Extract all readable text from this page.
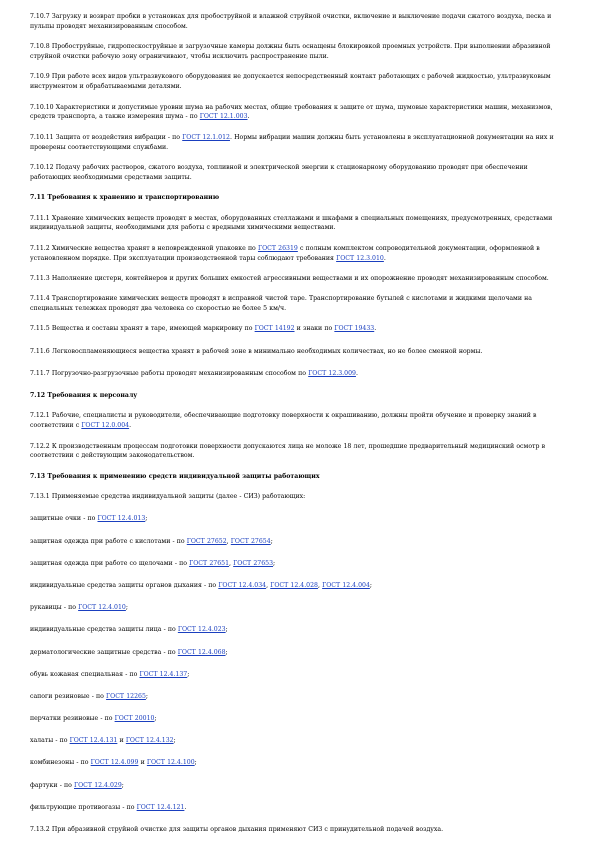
7.10.7 Загрузку и возврат пробки в установках для пробоструйной и влажной струйной очистки, включение и выключение подачи сжатого воздуха, песка и пульпы проводят механизированным способом.

7.10.8 Пробоструйные, гидропескоструйные и загрузочные камеры должны быть оснащены блокировкой проемных устройств. При выполнении абразивной струйной очистки рабочую зону ограничивают, чтобы исключить распространение пыли.

7.10.9 При работе всех видов ультразвукового оборудования не допускается непосредственный контакт работающих с рабочей жидкостью, ультразвуковым инструментом и обрабатываемыми деталями.

7.10.10 Характеристики и допустимые уровни шума на рабочих местах, общие требования к защите от шума, шумовые характеристики машин, механизмов, средств транспорта, а также измерения шума - по ГОСТ 12.1.003.

7.10.11 Защита от воздействия вибрации - по ГОСТ 12.1.012. Нормы вибрации машин должны быть установлены в эксплуатационной документации на них и проверены соответствующими службами.

7.10.12 Подачу рабочих растворов, сжатого воздуха, топливной и электрической энергии к стационарному оборудованию проводят при обеспечении работающих необходимыми средствами защиты.

7.11 Требования к хранению и транспортированию

7.11.1 Хранение химических веществ проводят в местах, оборудованных стеллажами и шкафами в специальных помещениях, предусмотренных, средствами индивидуальной защиты, необходимыми для работы с вредными химическими веществами.

7.11.2 Химические вещества хранят в неповрежденной упаковке по ГОСТ 26319 с полным комплектом сопроводительной документации, оформленной в установленном порядке. При эксплуатации производственной тары соблюдают требования ГОСТ 12.3.010.

7.11.3 Наполнение цистерн, контейнеров и других больших емкостей агрессивными веществами и их опорожнение проводят механизированным способом.

7.11.4 Транспортирование химических веществ проводят в исправной чистой таре. Транспортирование бутылей с кислотами и жидкими щелочами на специальных тележках проводят два человека со скоростью не более 5 км/ч.

7.11.5 Вещества и составы хранят в таре, имеющей маркировку по ГОСТ 14192 и знаки по ГОСТ 19433.

7.11.6 Легковоспламеняющиеся вещества хранят в рабочей зоне в минимально необходимых количествах, но не более сменной нормы.

7.11.7 Погрузочно-разгрузочные работы проводят механизированным способом по ГОСТ 12.3.009.

7.12 Требования к персоналу

7.12.1 Рабочие, специалисты и руководители, обеспечивающие подготовку поверхности к окрашиванию, должны пройти обучение и проверку знаний в соответствии с ГОСТ 12.0.004.

7.12.2 К производственным процессам подготовки поверхности допускаются лица не моложе 18 лет, прошедшие предварительный медицинский осмотр в соответствии с действующим законодательством.

7.13 Требования к применению средств индивидуальной защиты работающих

7.13.1 Применяемые средства индивидуальной защиты (далее - СИЗ) работающих:

защитные очки - по ГОСТ 12.4.013;

защитная одежда при работе с кислотами - по ГОСТ 27652, ГОСТ 27654;

защитная одежда при работе со щелочами - по ГОСТ 27651, ГОСТ 27653;

индивидуальные средства защиты органов дыхания - по ГОСТ 12.4.034, ГОСТ 12.4.028, ГОСТ 12.4.004;

рукавицы - по ГОСТ 12.4.010;

индивидуальные средства защиты лица - по ГОСТ 12.4.023;

дерматологические защитные средства - по ГОСТ 12.4.068;

обувь кожаная специальная - по ГОСТ 12.4.137;

сапоги резиновые - по ГОСТ 12265;

перчатки резиновые - по ГОСТ 20010;

халаты - по ГОСТ 12.4.131 и ГОСТ 12.4.132;

комбинезоны - по ГОСТ 12.4.099 и ГОСТ 12.4.100;

фартуки - по ГОСТ 12.4.029;

фильтрующие противогазы - по ГОСТ 12.4.121.

7.13.2 При абразивной струйной очистке для защиты органов дыхания применяют СИЗ с принудительной подачей воздуха.
